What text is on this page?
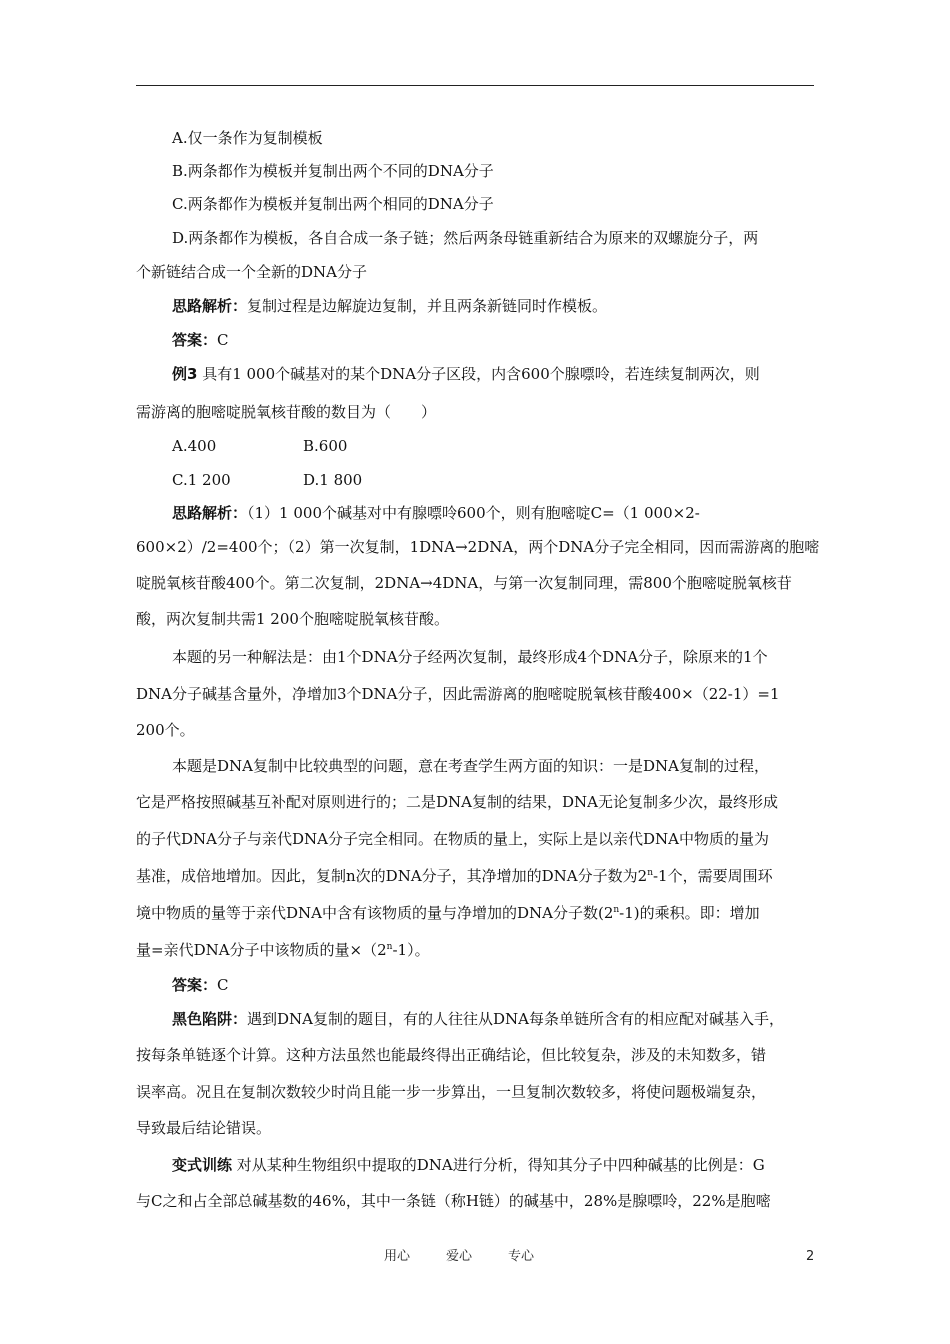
A.仅一条作为复制模板
B.两条都作为模板并复制出两个不同的DNA分子
C.两条都作为模板并复制出两个相同的DNA分子
D.两条都作为模板，各自合成一条子链；然后两条母链重新结合为原来的双螺旋分子，两
个新链结合成一个全新的DNA分子
思路解析：复制过程是边解旋边复制，并且两条新链同时作模板。
答案：C
例3 具有1 000个碱基对的某个DNA分子区段，内含600个腺嘌呤，若连续复制两次，则
需游离的胞嘧啶脱氧核苷酸的数目为（　　）
A.400	B.600
C.1 200	D.1 800
思路解析：（1）1 000个碱基对中有腺嘌呤600个，则有胞嘧啶C=（1 000×2-
600×2）/2=400个；（2）第一次复制，1DNA→2DNA，两个DNA分子完全相同，因而需游离的胞嘧
啶脱氧核苷酸400个。第二次复制，2DNA→4DNA，与第一次复制同理，需800个胞嘧啶脱氧核苷
酸，两次复制共需1 200个胞嘧啶脱氧核苷酸。
本题的另一种解法是：由1个DNA分子经两次复制，最终形成4个DNA分子，除原来的1个
DNA分子碱基含量外，净增加3个DNA分子，因此需游离的胞嘧啶脱氧核苷酸400×（22-1）=1
200个。
本题是DNA复制中比较典型的问题，意在考查学生两方面的知识：一是DNA复制的过程，
它是严格按照碱基互补配对原则进行的；二是DNA复制的结果，DNA无论复制多少次，最终形成
的子代DNA分子与亲代DNA分子完全相同。在物质的量上，实际上是以亲代DNA中物质的量为
基准，成倍地增加。因此，复制n次的DNA分子，其净增加的DNA分子数为2$^n$-1个，需要周围环
境中物质的量等于亲代DNA中含有该物质的量与净增加的DNA分子数(2$^n$-1)的乘积。即：增加
量=亲代DNA分子中该物质的量$\times(2^n-1)$。
答案：C
黑色陷阱：遇到DNA复制的题目，有的人往往从DNA每条单链所含有的相应配对碱基入手，
按每条单链逐个计算。这种方法虽然也能最终得出正确结论，但比较复杂，涉及的未知数多，错
误率高。况且在复制次数较少时尚且能一步一步算出，一旦复制次数较多，将使问题极端复杂，
导致最后结论错误。
变式训练 对从某种生物组织中提取的DNA进行分析，得知其分子中四种碱基的比例是：G
与C之和占全部总碱基数的46%，其中一条链（称H链）的碱基中，28%是腺嘌呤，22%是胞嘧
用心	爱心	专心	2
